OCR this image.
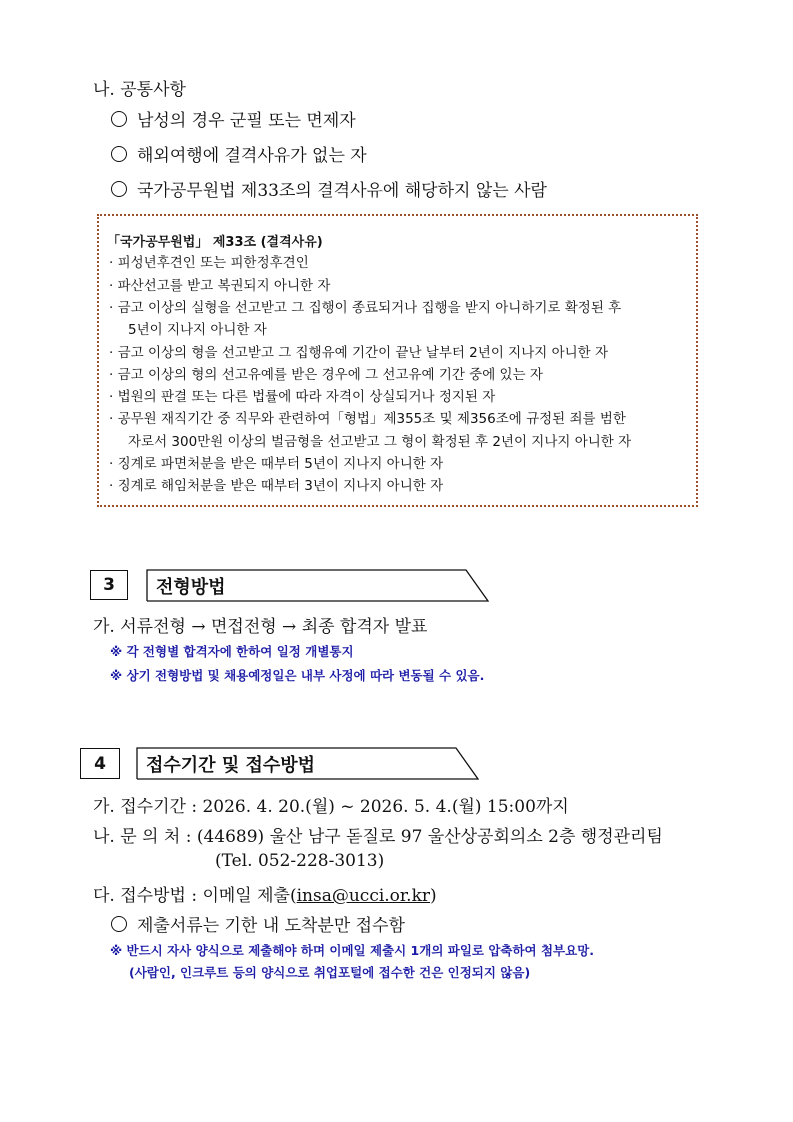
나. 공통사항
남성의 경우 군필 또는 면제자
해외여행에 결격사유가 없는 자
국가공무원법 제33조의 결격사유에 해당하지 않는 사람
「국가공무원법」 제33조 (결격사유)
· 피성년후견인 또는 피한정후견인
· 파산선고를 받고 복권되지 아니한 자
· 금고 이상의 실형을 선고받고 그 집행이 종료되거나 집행을 받지 아니하기로 확정된 후
5년이 지나지 아니한 자
· 금고 이상의 형을 선고받고 그 집행유예 기간이 끝난 날부터 2년이 지나지 아니한 자
· 금고 이상의 형의 선고유예를 받은 경우에 그 선고유예 기간 중에 있는 자
· 법원의 판결 또는 다른 법률에 따라 자격이 상실되거나 정지된 자
· 공무원 재직기간 중 직무와 관련하여「형법」제355조 및 제356조에 규정된 죄를 범한
자로서 300만원 이상의 벌금형을 선고받고 그 형이 확정된 후 2년이 지나지 아니한 자
· 징계로 파면처분을 받은 때부터 5년이 지나지 아니한 자
· 징계로 해임처분을 받은 때부터 3년이 지나지 아니한 자
3	전형방법
가. 서류전형 → 면접전형 → 최종 합격자 발표
※ 각 전형별 합격자에 한하여 일정 개별통지
※ 상기 전형방법 및 채용예정일은 내부 사정에 따라 변동될 수 있음.
4	접수기간 및 접수방법
가. 접수기간 : 2026. 4. 20.(월) ~ 2026. 5. 4.(월) 15:00까지
나. 문 의 처 : (44689) 울산 남구 돋질로 97 울산상공회의소 2층 행정관리팀
(Tel. 052-228-3013)
다. 접수방법 : 이메일 제출(insa@ucci.or.kr)
제출서류는 기한 내 도착분만 접수함
※ 반드시 자사 양식으로 제출해야 하며 이메일 제출시 1개의 파일로 압축하여 첨부요망.
(사람인, 인크루트 등의 양식으로 취업포털에 접수한 건은 인정되지 않음)
